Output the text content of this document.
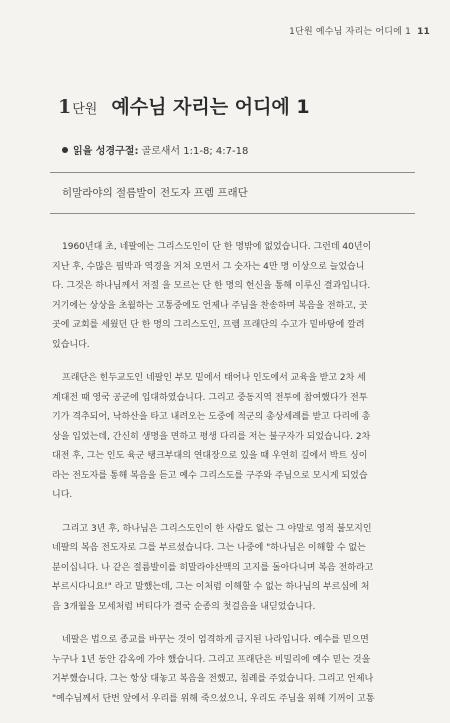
1단원 예수님 자리는 어디에 1 11
1단원 예수님 자리는 어디에 1
읽을 성경구절: 골로새서 1:1-8; 4:7-18
히말라야의 절름발이 전도자 프렘 프래단

1960년대 초, 네팔에는 그리스도인이 단 한 명밖에 없었습니다. 그런데 40년이
지난 후, 수많은 핍박과 역경을 거쳐 오면서 그 숫자는 4만 명 이상으로 늘었습니
다. 그것은 하나님께서 저절 을 모르는 단 한 명의 헌신을 통해 이루신 결과입니다.
거기에는 상상을 초월하는 고통중에도 언제나 주님을 찬송하며 복음을 전하고, 곳
곳에 교회를 세웠던 단 한 명의 그리스도인, 프렘 프래단의 수고가 밑바탕에 깔려
있습니다.

프래단은 힌두교도인 네팔인 부모 밑에서 태어나 인도에서 교육을 받고 2차 세
계대전 때 영국 공군에 입대하였습니다. 그리고 중동지역 전투에 참여했다가 전투
기가 격추되어, 낙하산을 타고 내려오는 도중에 적군의 총상세례를 받고 다리에 총
상을 입었는데, 간신히 생명을 면하고 평생 다리를 저는 불구자가 되었습니다. 2차
대전 후, 그는 인도 육군 탱크부대의 연대장으로 있을 때 우연히 길에서 박트 싱이
라는 전도자를 통해 복음을 듣고 예수 그리스도를 구주와 주님으로 모시게 되었습
니다.

그리고 3년 후, 하나님은 그리스도인이 한 사람도 없는 그 야말로 영적 불모지인
네팔의 복음 전도자로 그를 부르셨습니다. 그는 나중에 "하나님은 이해할 수 없는
분이십니다. 나 같은 절름발이를 히말라야산맥의 고지를 돌아다니며 복음 전하라고
부르시다니요!" 라고 말했는데, 그는 이처럼 이해할 수 없는 하나님의 부르심에 처
음 3개월을 모세처럼 버티다가 결국 순종의 첫걸음을 내딛었습니다.

네팔은 법으로 종교를 바꾸는 것이 엄격하게 금지된 나라입니다. 예수를 믿으면
누구나 1년 동안 감옥에 가야 했습니다. 그리고 프래단은 비밀리에 예수 믿는 것을
거부했습니다. 그는 항상 대놓고 복음을 전했고, 침례를 주었습니다. 그리고 언제나
"예수님께서 단번 앞에서 우리를 위해 죽으셨으니, 우리도 주님을 위해 기꺼이 고통
